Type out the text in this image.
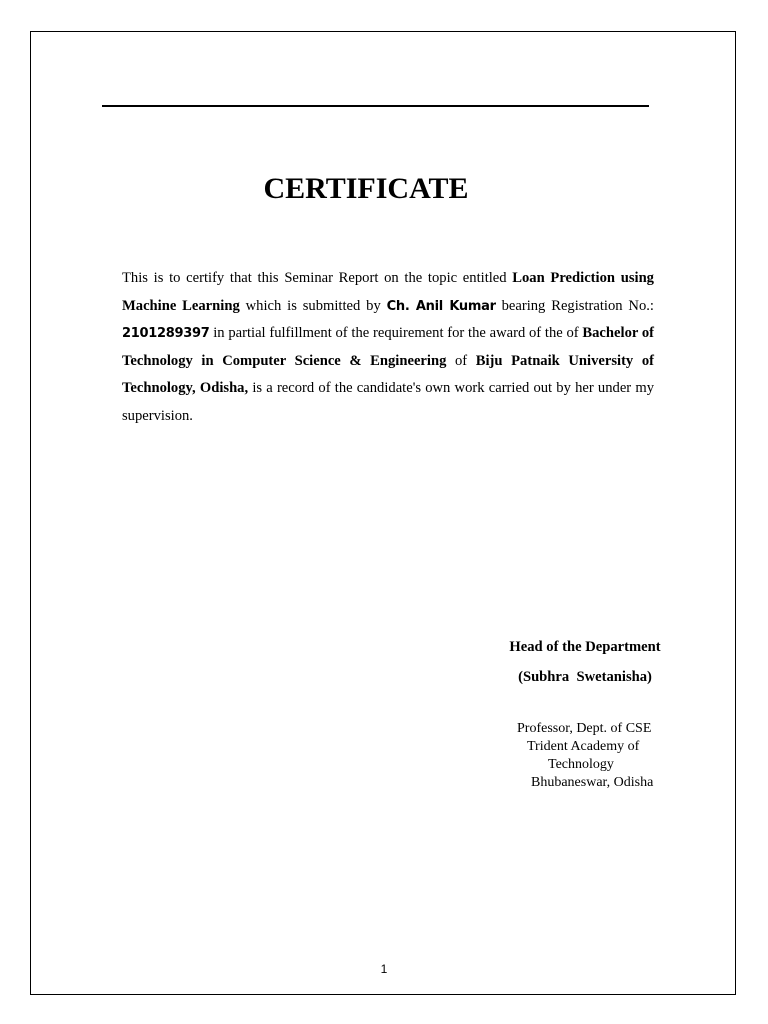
CERTIFICATE
This is to certify that this Seminar Report on the topic entitled Loan Prediction using Machine Learning which is submitted by Ch. Anil Kumar bearing Registration No.: 2101289397 in partial fulfillment of the requirement for the award of the of Bachelor of Technology in Computer Science & Engineering of Biju Patnaik University of Technology, Odisha, is a record of the candidate's own work carried out by her under my supervision.
Head of the Department
(Subhra  Swetanisha)
Professor, Dept. of CSE
Trident Academy of
Technology
Bhubaneswar, Odisha
1
